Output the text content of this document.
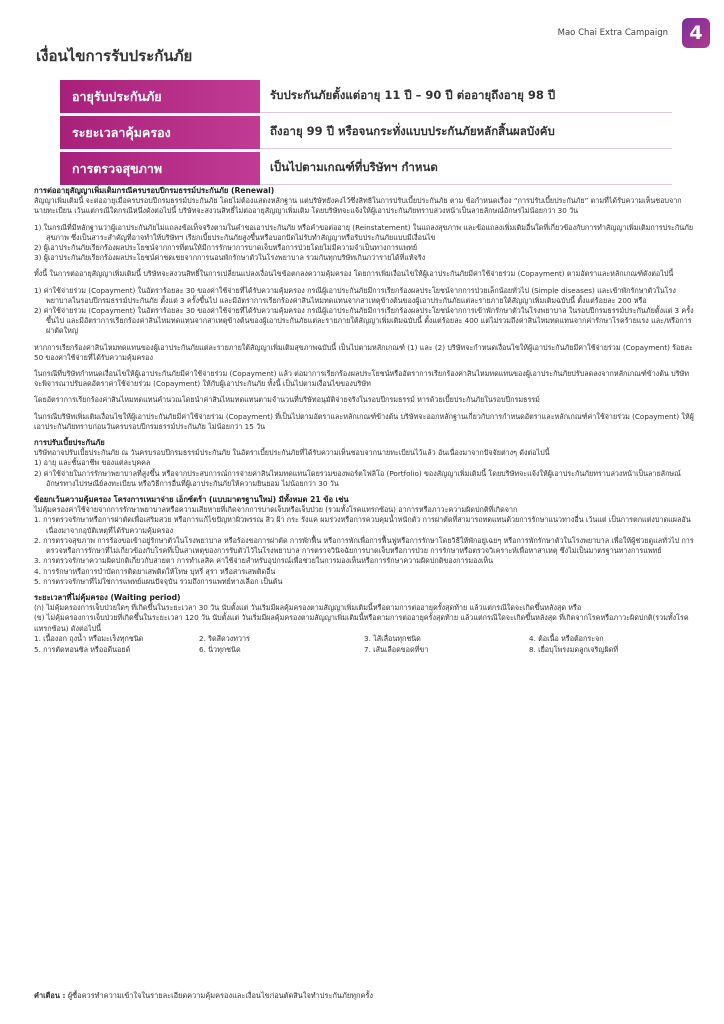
Mao Chai Extra Campaign	4
เงื่อนไขการรับประกันภัย
อายุรับประกันภัย	รับประกันภัยตั้งแต่อายุ 11 ปี – 90 ปี ต่ออายุถึงอายุ 98 ปี
ระยะเวลาคุ้มครอง	ถึงอายุ 99 ปี หรือจนกระทั่งแบบประกันภัยหลักสิ้นผลบังคับ
การตรวจสุขภาพ	เป็นไปตามเกณฑ์ที่บริษัทฯ กำหนด
การต่ออายุสัญญาเพิ่มเติมกรณีครบรอบปีกรมธรรม์ประกันภัย (Renewal)

สัญญาเพิ่มเติมนี้ จะต่ออายุเมื่อครบรอบปีกรมธรรม์ประกันภัย โดยไม่ต้องแสดงหลักฐาน แต่บริษัทยังคงไว้ซึ่งสิทธิในการปรับเบี้ยประกันภัย ตาม ข้อกำหนดเรื่อง “การปรับเบี้ยประกันภัย” ตามที่ได้รับความเห็นชอบจากนายทะเบียน เว้นแต่กรณีใดกรณีหนึ่งดังต่อไปนี้ บริษัทจะสงวนสิทธิ์ไม่ต่ออายุสัญญาเพิ่มเติม โดยบริษัทจะแจ้งให้ผู้เอาประกันภัยทราบล่วงหน้าเป็นลายลักษณ์อักษรไม่น้อยกว่า 30 วัน

1) ในกรณีที่มีหลักฐานว่าผู้เอาประกันภัยไม่แถลงข้อเท็จจริงตามในคำขอเอาประกันภัย หรือคำขอต่ออายุ (Reinstatement) ในแถลงสุขภาพ และข้อแถลงเพิ่มเติมอื่นใดที่เกี่ยวข้องกับการทำสัญญาเพิ่มเติมการประกันภัยสุขภาพ ซึ่งเป็นสาระสำคัญที่อาจทำให้บริษัทฯ เรียกเบี้ยประกันภัยสูงขึ้นหรือบอกปัดไม่รับทำสัญญาหรือรับประกันภัยแบบมีเงื่อนไข
2) ผู้เอาประกันภัยเรียกร้องผลประโยชน์จากการที่ตนให้มีการรักษาการบาดเจ็บหรือการป่วยโดยไม่มีความจำเป็นทางการแพทย์
3) ผู้เอาประกันภัยเรียกร้องผลประโยชน์ค่าชดเชยจากการนอนพักรักษาตัวในโรงพยาบาล รวมกันทุกบริษัทเกินกว่ารายได้ที่แท้จริง

ทั้งนี้ ในการต่ออายุสัญญาเพิ่มเติมนี้ บริษัทจะสงวนสิทธิ์ในการเปลี่ยนแปลงเงื่อนไขข้อตกลงความคุ้มครอง โดยการเพิ่มเงื่อนไขให้ผู้เอาประกันภัยมีค่าใช้จ่ายร่วม (Copayment) ตามอัตราและหลักเกณฑ์ดังต่อไปนี้

1) ค่าใช้จ่ายร่วม (Copayment) ในอัตราร้อยละ 30 ของค่าใช้จ่ายที่ได้รับความคุ้มครอง กรณีผู้เอาประกันภัยมีการเรียกร้องผลประโยชน์จากการป่วยเล็กน้อยทั่วไป (Simple diseases) และเข้าพักรักษาตัวในโรงพยาบาลในรอบปีกรมธรรม์ประกันภัย ตั้งแต่ 3 ครั้งขึ้นไป และมีอัตราการเรียกร้องค่าสินไหมทดแทนจากสาเหตุข้างต้นของผู้เอาประกันภัยแต่ละรายภายใต้สัญญาเพิ่มเติมฉบับนี้ ตั้งแต่ร้อยละ 200 หรือ
2) ค่าใช้จ่ายร่วม (Copayment) ในอัตราร้อยละ 30 ของค่าใช้จ่ายที่ได้รับความคุ้มครอง กรณีผู้เอาประกันภัยมีการเรียกร้องผลประโยชน์จากการเข้าพักรักษาตัวในโรงพยาบาล ในรอบปีกรมธรรม์ประกันภัยตั้งแต่ 3 ครั้งขึ้นไป และมีอัตราการเรียกร้องค่าสินไหมทดแทนจากสาเหตุข้างต้นของผู้เอาประกันภัยแต่ละรายภายใต้สัญญาเพิ่มเติมฉบับนี้ ตั้งแต่ร้อยละ 400 แต่ไม่รวมถึงค่าสินไหมทดแทนจากค่ารักษาโรคร้ายแรง และ/หรือการผ่าตัดใหญ่

หากการเรียกร้องค่าสินไหมทดแทนของผู้เอาประกันภัยแต่ละรายภายใต้สัญญาเพิ่มเติมสุขภาพฉบับนี้ เป็นไปตามหลักเกณฑ์ (1) และ (2) บริษัทจะกำหนดเงื่อนไขให้ผู้เอาประกันภัยมีค่าใช้จ่ายร่วม (Copayment) ร้อยละ 50 ของค่าใช้จ่ายที่ได้รับความคุ้มครอง

ในกรณีที่บริษัทกำหนดเงื่อนไขให้ผู้เอาประกันภัยมีค่าใช้จ่ายร่วม (Copayment) แล้ว ต่อมาการเรียกร้องผลประโยชน์หรืออัตราการเรียกร้องค่าสินไหมทดแทนของผู้เอาประกันภัยปรับลดลงจากหลักเกณฑ์ข้างต้น บริษัทจะพิจารณาปรับลดอัตราค่าใช้จ่ายร่วม (Copayment) ให้กับผู้เอาประกันภัย ทั้งนี้ เป็นไปตามเงื่อนไขของบริษัท

โดยอัตราการเรียกร้องค่าสินไหมทดแทนคำนวณโดยนำค่าสินไหมทดแทนตามจำนวนที่บริษัทอนุมัติจ่ายจริงในรอบปีกรมธรรม์ หารด้วยเบี้ยประกันภัยในรอบปีกรมธรรม์

ในกรณีบริษัทเพิ่มเติมเงื่อนไขให้ผู้เอาประกันภัยมีค่าใช้จ่ายร่วม (Copayment) ที่เป็นไปตามอัตราและหลักเกณฑ์ข้างต้น บริษัทจะออกหลักฐานเกี่ยวกับการกำหนดอัตราและหลักเกณฑ์ค่าใช้จ่ายร่วม (Copayment) ให้ผู้เอาประกันภัยทราบก่อนวันครบรอบปีกรมธรรม์ประกันภัย ไม่น้อยกว่า 15 วัน

การปรับเบี้ยประกันภัย
บริษัทอาจปรับเบี้ยประกันภัย ณ วันครบรอบปีกรมธรรม์ประกันภัย ในอัตราเบี้ยประกันภัยที่ได้รับความเห็นชอบจากนายทะเบียนไว้แล้ว อันเนื่องมาจากปัจจัยต่างๆ ดังต่อไปนี้
1) อายุ และชั้นอาชีพ ของแต่ละบุคคล

2) ค่าใช้จ่ายในการรักษาพยาบาลที่สูงขึ้น หรือจากประสบการณ์การจ่ายค่าสินไหมทดแทนโดยรวมของพอร์ตโฟลิโอ (Portfolio) ของสัญญาเพิ่มเติมนี้ โดยบริษัทจะแจ้งให้ผู้เอาประกันภัยทราบล่วงหน้าเป็นลายลักษณ์อักษรทางไปรษณีย์ลงทะเบียน หรือวิธีการอื่นที่ผู้เอาประกันภัยให้ความยินยอม ไม่น้อยกว่า 30 วัน

ข้อยกเว้นความคุ้มครอง โครงการเหมาจ่าย เอ็กซ์ตร้า (แบบมาตรฐานใหม่) มีทั้งหมด 21 ข้อ เช่น
ไม่คุ้มครองค่าใช้จ่ายจากการรักษาพยาบาลหรือความเสียหายที่เกิดจากการบาดเจ็บหรือเจ็บป่วย (รวมทั้งโรคแทรกซ้อน) อาการหรือภาวะความผิดปกติที่เกิดจาก
1. การตรวจรักษาหรือการผ่าตัดเพื่อเสริมสวย หรือการแก้ไขปัญหาผิวพรรณ สิว ฝ้า กระ รังแค ผมร่วงหรือการควบคุมน้ำหนักตัว การผ่าตัดที่สามารถทดแทนด้วยการรักษาแนวทางอื่น เว้นแต่ เป็นการตกแต่งบาดแผลอันเนื่องมาจากอุบัติเหตุที่ได้รับความคุ้มครอง
2. การตรวจสุขภาพ การร้องขอเข้าอยู่รักษาตัวในโรงพยาบาล หรือร้องขอการผ่าตัด การพักฟื้น หรือการพักเพื่อการฟื้นฟูหรือการรักษาโดยวิธีให้พักอยู่เฉยๆ หรือการพักรักษาตัวในโรงพยาบาล เพื่อให้ผู้ช่วยดูแลทั่วไป การตรวจหรือการรักษาที่ไม่เกี่ยวข้องกับโรคที่เป็นสาเหตุของการรับตัวไว้ในโรงพยาบาล การตรวจวินิจฉัยการบาดเจ็บหรือการป่วย การรักษาหรือตรวจวิเคราะห์เพื่อหาสาเหตุ ซึ่งไม่เป็นมาตรฐานทางการแพทย์
3. การตรวจรักษาความผิดปกติเกี่ยวกับสายตา การทำเลสิค ค่าใช้จ่ายสำหรับอุปกรณ์เพื่อช่วยในการมองเห็นหรือการรักษาความผิดปกติของการมองเห็น
4. การรักษาหรือการบำบัดการติดยาเสพติดให้โทษ บุหรี่ สุรา หรือสารเสพติดอื่น

5. การตรวจรักษาที่ไม่ใช่การแพทย์แผนปัจจุบัน รวมถึงการแพทย์ทางเลือก เป็นต้น

ระยะเวลาที่ไม่คุ้มครอง (Waiting period)
(ก) ไม่คุ้มครองการเจ็บป่วยใดๆ ที่เกิดขึ้นในระยะเวลา 30 วัน นับตั้งแต่ วันเริ่มมีผลคุ้มครองตามสัญญาเพิ่มเติมนี้หรือตามการต่ออายุครั้งสุดท้าย แล้วแต่กรณีใดจะเกิดขึ้นหลังสุด หรือ
(ข) ไม่คุ้มครองการเจ็บป่วยที่เกิดขึ้นในระยะเวลา 120 วัน นับตั้งแต่ วันเริ่มมีผลคุ้มครองตามสัญญาเพิ่มเติมนี้หรือตามการต่ออายุครั้งสุดท้าย แล้วแต่กรณีใดจะเกิดขึ้นหลังสุด ที่เกิดจากโรคหรือภาวะผิดปกติ(รวมทั้งโรคแทรกซ้อน) ดังต่อไปนี้
1. เนื้องอก ถุงน้ำ หรือมะเร็งทุกชนิด	2. ริดสีดวงทวาร	3. ไส้เลื่อนทุกชนิด	4. ต้อเนื้อ หรือต้อกระจก
5. การตัดทอนซิล หรืออดีนอยด์	6. นิ่วทุกชนิด	7. เส้นเลือดขอดที่ขา	8. เยื่อบุโพรงมดลูกเจริญผิดที่
คำเตือน : ผู้ซื้อควรทำความเข้าใจในรายละเอียดความคุ้มครองและเงื่อนไขก่อนตัดสินใจทำประกันภัยทุกครั้ง
